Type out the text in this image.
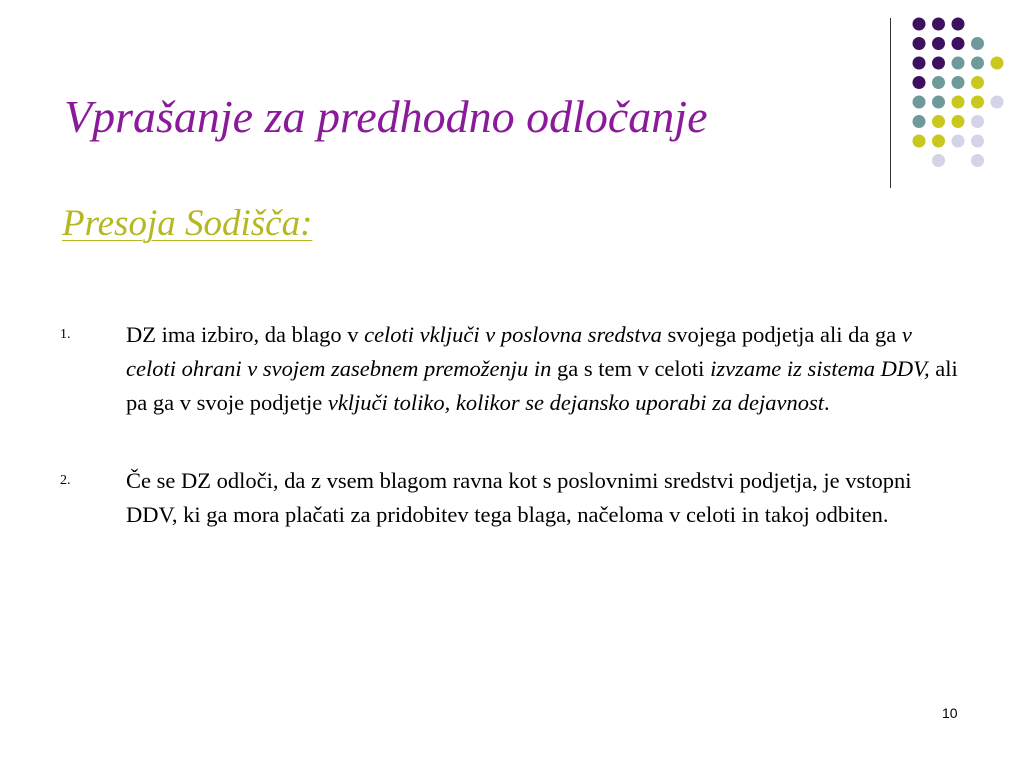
Vprašanje za predhodno odločanje
Presoja Sodišča:
1. DZ ima izbiro, da blago v celoti vključi v poslovna sredstva svojega podjetja ali da ga v celoti ohrani v svojem zasebnem premoženju in ga s tem v celoti izvzame iz sistema DDV, ali pa ga v svoje podjetje vključi toliko, kolikor se dejansko uporabi za dejavnost.
2. Če se DZ odloči, da z vsem blagom ravna kot s poslovnimi sredstvi podjetja, je vstopni DDV, ki ga mora plačati za pridobitev tega blaga, načeloma v celoti in takoj odbiten.
10
